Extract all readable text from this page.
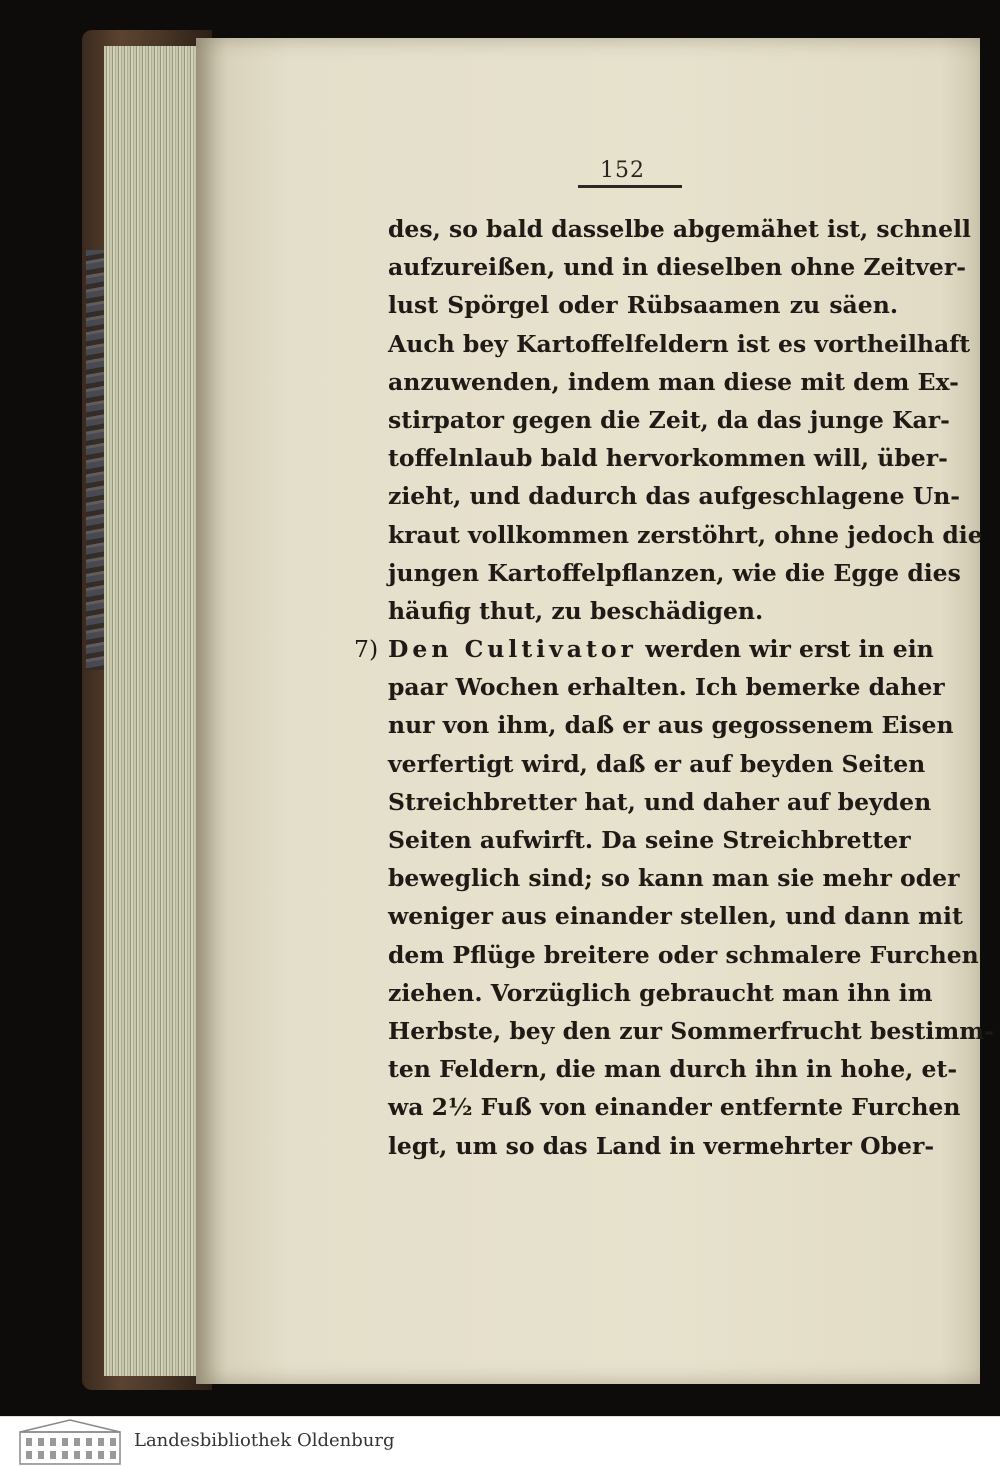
152
des, so bald dasselbe abgemähet ist, schnell
aufzureißen, und in dieselben ohne Zeitver-
lust Spörgel oder Rübsaamen zu säen.
Auch bey Kartoffelfeldern ist es vortheilhaft
anzuwenden, indem man diese mit dem Ex-
stirpator gegen die Zeit, da das junge Kar-
toffelnlaub bald hervorkommen will, über-
zieht, und dadurch das aufgeschlagene Un-
kraut vollkommen zerstöhrt, ohne jedoch die
jungen Kartoffelpflanzen, wie die Egge dies
häufig thut, zu beschädigen.
7) Den Cultivator werden wir erst in ein
paar Wochen erhalten. Ich bemerke daher
nur von ihm, daß er aus gegossenem Eisen
verfertigt wird, daß er auf beyden Seiten
Streichbretter hat, und daher auf beyden
Seiten aufwirft. Da seine Streichbretter
beweglich sind; so kann man sie mehr oder
weniger aus einander stellen, und dann mit
dem Pflüge breitere oder schmalere Furchen
ziehen. Vorzüglich gebraucht man ihn im
Herbste, bey den zur Sommerfrucht bestimm-
ten Feldern, die man durch ihn in hohe, et-
wa 2½ Fuß von einander entfernte Furchen
legt, um so das Land in vermehrter Ober-
Landesbibliothek Oldenburg
